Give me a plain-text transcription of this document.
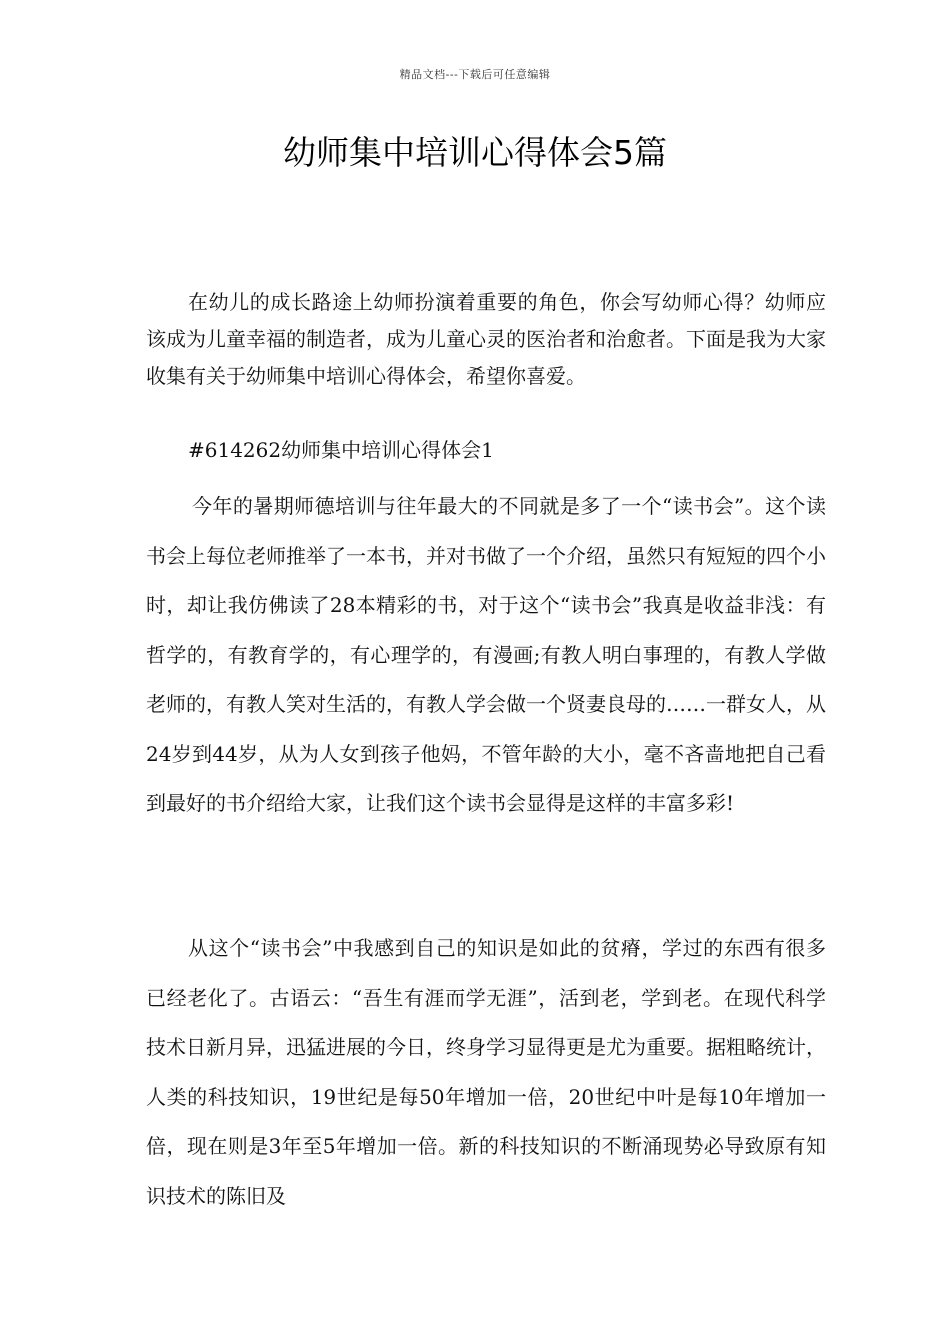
精品文档---下载后可任意编辑
幼师集中培训心得体会5篇

在幼儿的成长路途上幼师扮演着重要的角色，你会写幼师心得？幼师应该成为儿童幸福的制造者，成为儿童心灵的医治者和治愈者。下面是我为大家收集有关于幼师集中培训心得体会，希望你喜爱。

#614262幼师集中培训心得体会1

今年的暑期师德培训与往年最大的不同就是多了一个“读书会”。这个读书会上每位老师推举了一本书，并对书做了一个介绍，虽然只有短短的四个小时，却让我仿佛读了28本精彩的书，对于这个“读书会”我真是收益非浅：有哲学的，有教育学的，有心理学的，有漫画;有教人明白事理的，有教人学做老师的，有教人笑对生活的，有教人学会做一个贤妻良母的……一群女人，从24岁到44岁，从为人女到孩子他妈，不管年龄的大小，毫不吝啬地把自己看到最好的书介绍给大家，让我们这个读书会显得是这样的丰富多彩!

从这个“读书会”中我感到自己的知识是如此的贫瘠，学过的东西有很多已经老化了。古语云：“吾生有涯而学无涯”，活到老，学到老。在现代科学技术日新月异，迅猛进展的今日，终身学习显得更是尤为重要。据粗略统计，人类的科技知识，19世纪是每50年增加一倍，20世纪中叶是每10年增加一倍，现在则是3年至5年增加一倍。新的科技知识的不断涌现势必导致原有知识技术的陈旧及
